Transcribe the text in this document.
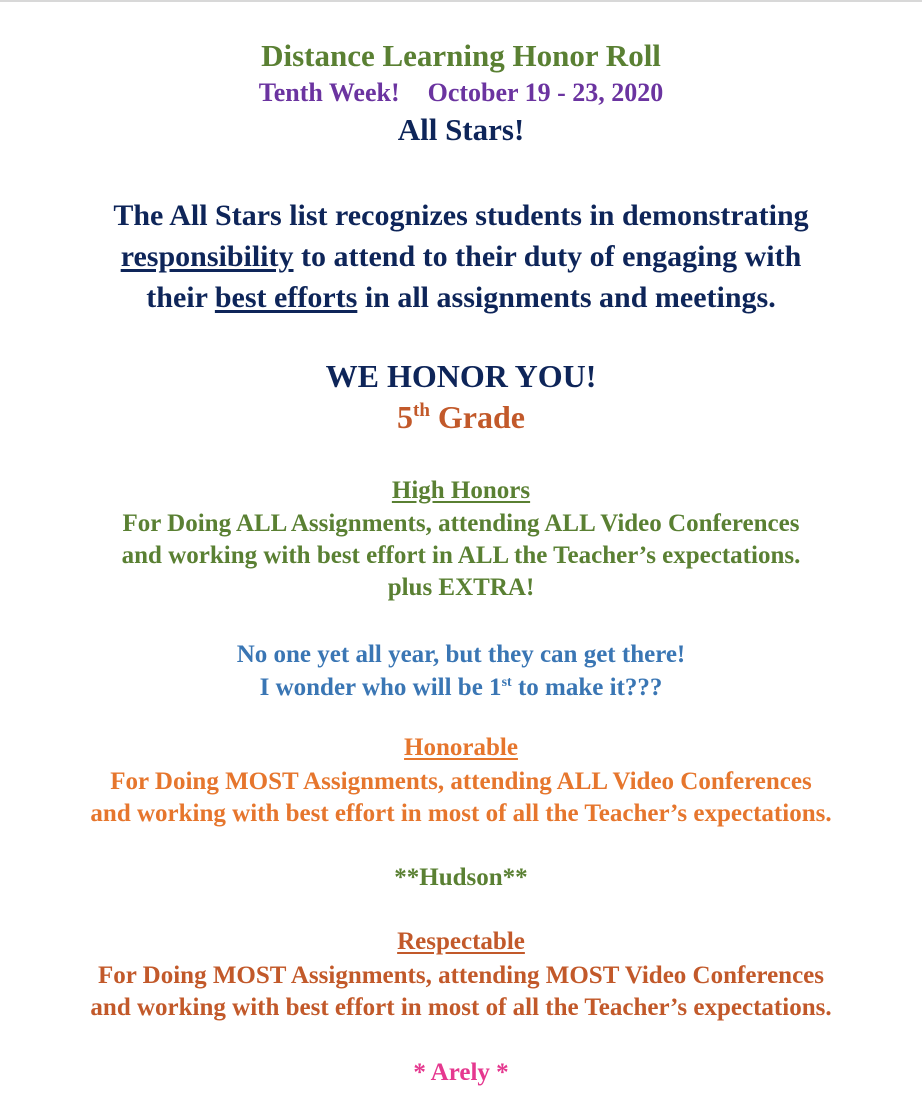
Distance Learning Honor Roll
Tenth Week! October 19 - 23, 2020
All Stars!
The All Stars list recognizes students in demonstrating
responsibility to attend to their duty of engaging with
their best efforts in all assignments and meetings.
WE HONOR YOU!
5th Grade
High Honors
For Doing ALL Assignments, attending ALL Video Conferences
and working with best effort in ALL the Teacher’s expectations.
plus EXTRA!
No one yet all year, but they can get there!
I wonder who will be 1st to make it???
Honorable
For Doing MOST Assignments, attending ALL Video Conferences
and working with best effort in most of all the Teacher’s expectations.
**Hudson**
Respectable
For Doing MOST Assignments, attending MOST Video Conferences
and working with best effort in most of all the Teacher’s expectations.
* Arely *
